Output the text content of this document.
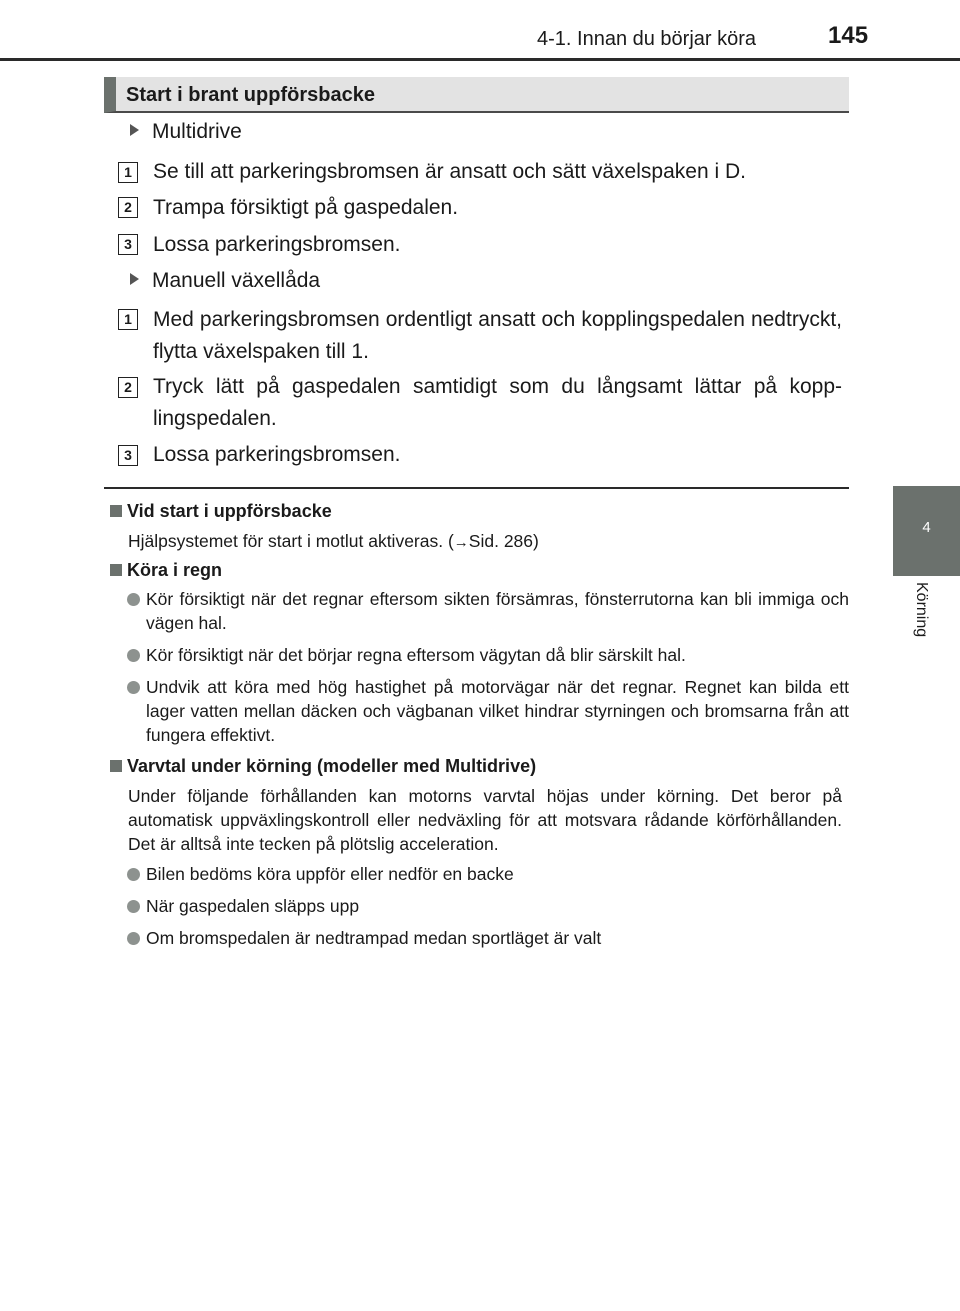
4-1. Innan du börjar köra	145
4
Körning
Start i brant uppförsbacke
Multidrive
1 Se till att parkeringsbromsen är ansatt och sätt växelspaken i D.
2 Trampa försiktigt på gaspedalen.
3 Lossa parkeringsbromsen.
Manuell växellåda
1 Med parkeringsbromsen ordentligt ansatt och kopplingspedalen nedtryckt, flytta växelspaken till 1.
2 Tryck lätt på gaspedalen samtidigt som du långsamt lättar på kopp-lingspedalen.
3 Lossa parkeringsbromsen.
Vid start i uppförsbacke
Hjälpsystemet för start i motlut aktiveras. (→Sid. 286)
Köra i regn
Kör försiktigt när det regnar eftersom sikten försämras, fönsterrutorna kan bli immiga och vägen hal.
Kör försiktigt när det börjar regna eftersom vägytan då blir särskilt hal.
Undvik att köra med hög hastighet på motorvägar när det regnar. Regnet kan bilda ett lager vatten mellan däcken och vägbanan vilket hindrar styrningen och bromsarna från att fungera effektivt.
Varvtal under körning (modeller med Multidrive)
Under följande förhållanden kan motorns varvtal höjas under körning. Det beror på automatisk uppväxlingskontroll eller nedväxling för att motsvara rådande körförhållanden. Det är alltså inte tecken på plötslig acceleration.
Bilen bedöms köra uppför eller nedför en backe
När gaspedalen släpps upp
Om bromspedalen är nedtrampad medan sportläget är valt
